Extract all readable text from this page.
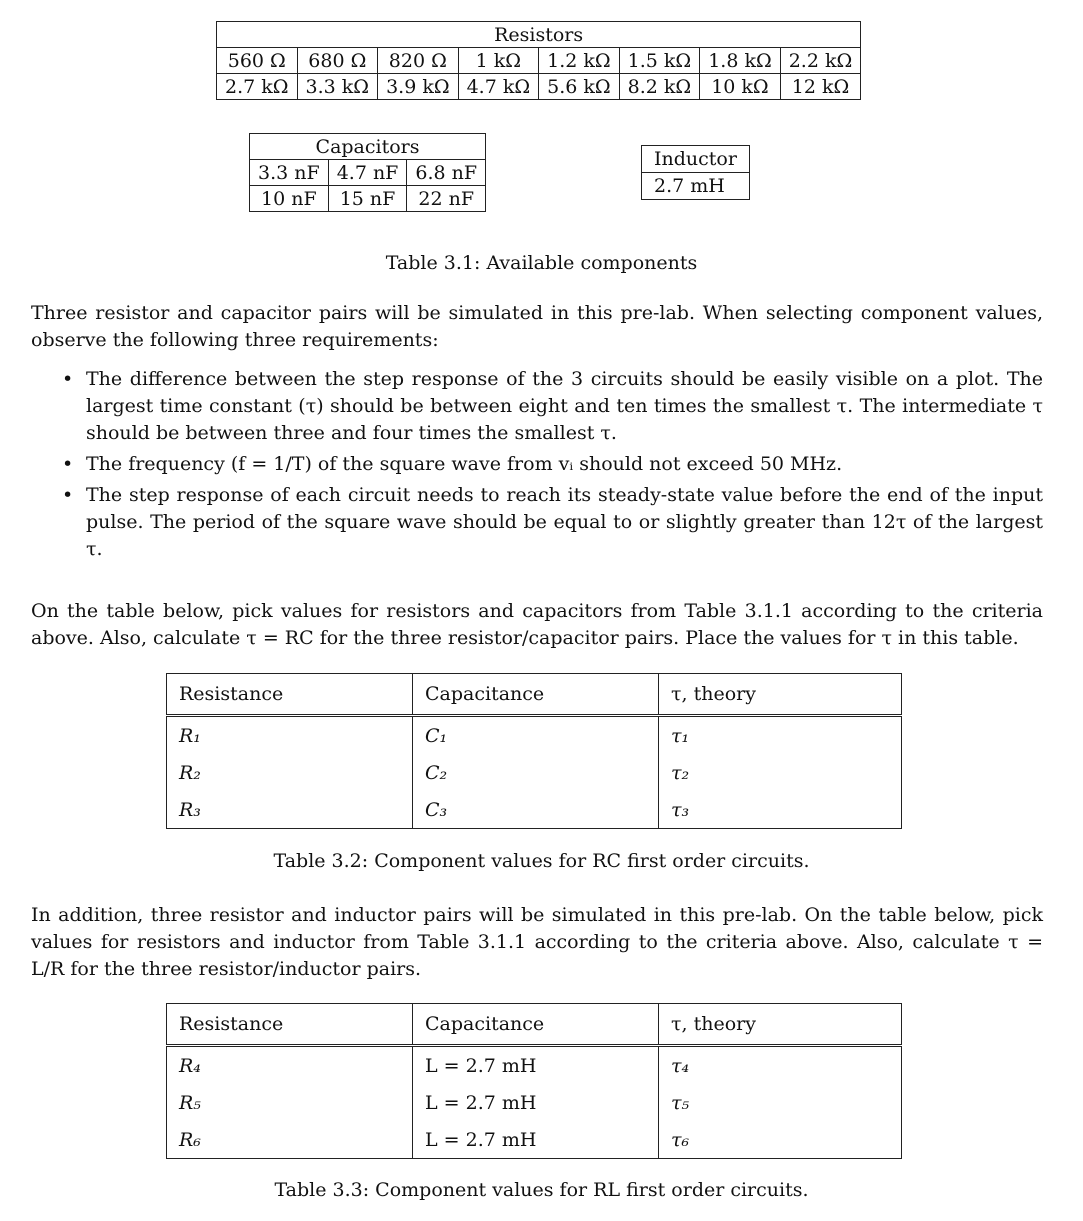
Resistors							
560 Ω	680 Ω	820 Ω	1 kΩ	1.2 kΩ	1.5 kΩ	1.8 kΩ	2.2 kΩ
2.7 kΩ	3.3 kΩ	3.9 kΩ	4.7 kΩ	5.6 kΩ	8.2 kΩ	10 kΩ	12 kΩ
Capacitors		
3.3 nF	4.7 nF	6.8 nF
10 nF	15 nF	22 nF
Inductor
2.7 mH
Table 3.1: Available components
Three resistor and capacitor pairs will be simulated in this pre-lab. When selecting component values, observe the following three requirements:
• The difference between the step response of the 3 circuits should be easily visible on a plot. The largest time constant (τ) should be between eight and ten times the smallest τ. The intermediate τ should be between three and four times the smallest τ.
• The frequency (f = 1/T) of the square wave from vᵢ should not exceed 50 MHz.
• The step response of each circuit needs to reach its steady-state value before the end of the input pulse. The period of the square wave should be equal to or slightly greater than 12τ of the largest τ.
On the table below, pick values for resistors and capacitors from Table 3.1.1 according to the criteria above. Also, calculate τ = RC for the three resistor/capacitor pairs. Place the values for τ in this table.
Resistance	Capacitance	τ, theory
R₁	C₁	τ₁
R₂	C₂	τ₂
R₃	C₃	τ₃
Table 3.2: Component values for RC first order circuits.
In addition, three resistor and inductor pairs will be simulated in this pre-lab. On the table below, pick values for resistors and inductor from Table 3.1.1 according to the criteria above. Also, calculate τ = L/R for the three resistor/inductor pairs.
Resistance	Capacitance	τ, theory
R₄	L = 2.7 mH	τ₄
R₅	L = 2.7 mH	τ₅
R₆	L = 2.7 mH	τ₆
Table 3.3: Component values for RL first order circuits.
